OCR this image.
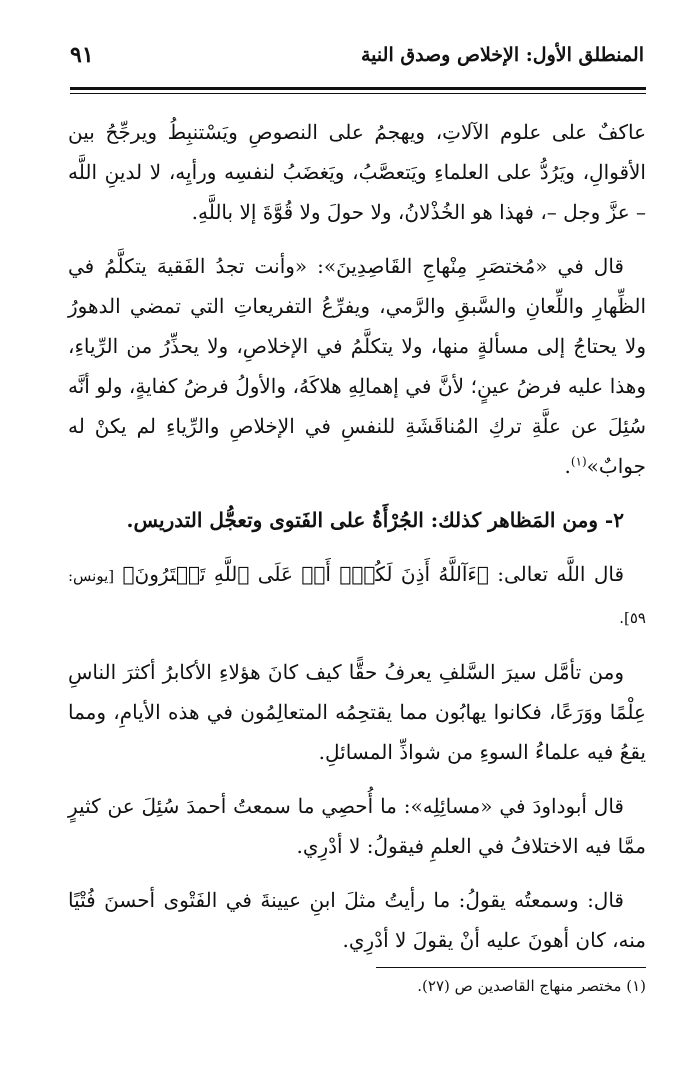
المنطلق الأول: الإخلاص وصدق النية
٩١

عاكفٌ على علوم الآلاتِ، ويهجمُ على النصوصِ ويَسْتنبِطُ ويرجِّحُ بين الأقوالِ، ويَرُدُّ على العلماءِ ويَتعصَّبُ، ويَغضَبُ لنفسِه ورأيِه، لا لدينِ اللَّه – عزَّ وجل –، فهذا هو الخُذْلانُ، ولا حولَ ولا قُوَّةَ إلا باللَّهِ.

قال في «مُختصَرِ مِنْهاجِ القَاصِدِينَ»: «وأنت تجدُ الفَقيهَ يتكلَّمُ في الظِّهارِ واللِّعانِ والسَّبقِ والرَّمي، ويفرِّعُ التفريعاتِ التي تمضي الدهورُ ولا يحتاجُ إلى مسألةٍ منها، ولا يتكلَّمُ في الإخلاصِ، ولا يحذِّرُ من الرِّياءِ، وهذا عليه فرضُ عينٍ؛ لأنَّ في إهمالِهِ هلاكَهُ، والأولُ فرضُ كفايةٍ، ولو أنَّه سُئِلَ عن علَّةِ تركِ المُناقَشَةِ للنفسِ في الإخلاصِ والرِّياءِ لم يكنْ له جوابٌ»$^{(١)}$.

٢- ومن المَظاهر كذلك: الجُرْأَةُ على الفَتوى وتعجُّل التدريس.

قال اللَّه تعالى: ﴿ءَآللَّهُ أَذِنَ لَكُمْۖ أَمۡ عَلَى ٱللَّهِ تَفۡتَرُونَ﴾ [يونس: ٥٩].

ومن تأمَّل سيرَ السَّلفِ يعرفُ حقًّا كيف كانَ هؤلاءِ الأكابرُ أكثرَ الناسِ عِلْمًا ووَرَعًا، فكانوا يهابُون مما يقتحِمُه المتعالِمُون في هذه الأيامِ، ومما يقعُ فيه علماءُ السوءِ من شواذِّ المسائلِ.

قال أبوداودَ في «مسائِلِه»: ما أُحصِي ما سمعتُ أحمدَ سُئِلَ عن كثيرٍ ممَّا فيه الاختلافُ في العلمِ فيقولُ: لا أدْرِي.

قال: وسمعتُه يقولُ: ما رأيتُ مثلَ ابنِ عيينةَ في الفَتْوى أحسنَ فُتْيًا منه، كان أهونَ عليه أنْ يقولَ لا أدْرِي.

(١) مختصر منهاج القاصدين ص (٢٧).
